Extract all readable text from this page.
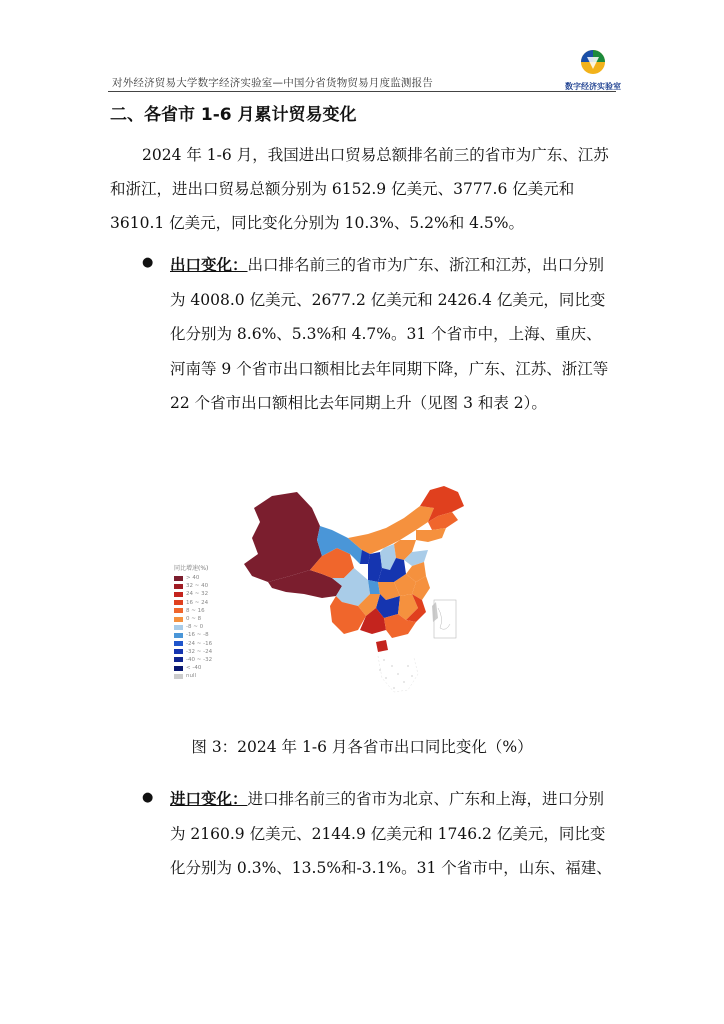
对外经济贸易大学数字经济实验室—中国分省货物贸易月度监测报告	数字经济实验室
二、各省市 1-6 月累计贸易变化

2024 年 1-6 月，我国进出口贸易总额排名前三的省市为广东、江苏和浙江，进出口贸易总额分别为 6152.9 亿美元、3777.6 亿美元和 3610.1 亿美元，同比变化分别为 10.3%、5.2%和 4.5%。

● 出口变化：出口排名前三的省市为广东、浙江和江苏，出口分别为 4008.0 亿美元、2677.2 亿美元和 2426.4 亿美元，同比变化分别为 8.6%、5.3%和 4.7%。31 个省市中，上海、重庆、河南等 9 个省市出口额相比去年同期下降，广东、江苏、浙江等 22 个省市出口额相比去年同期上升（见图 3 和表 2）。

同比增速(%)
> 40
32 ~ 40
24 ~ 32
16 ~ 24
8 ~ 16
0 ~ 8
-8 ~ 0
-16 ~ -8
-24 ~ -16
-32 ~ -24
-40 ~ -32
< -40
null
图 3：2024 年 1-6 月各省市出口同比变化（%）
● 进口变化：进口排名前三的省市为北京、广东和上海，进口分别为 2160.9 亿美元、2144.9 亿美元和 1746.2 亿美元，同比变化分别为 0.3%、13.5%和-3.1%。31 个省市中，山东、福建、
